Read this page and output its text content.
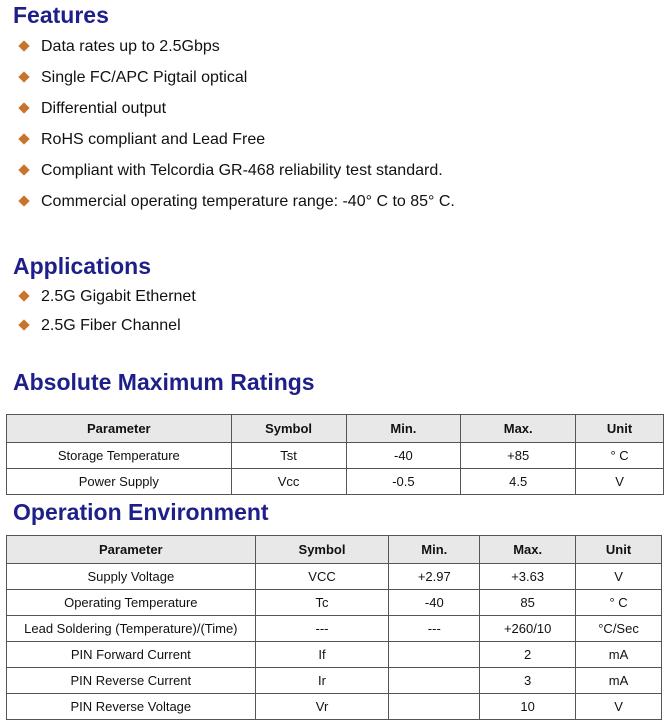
Features
Data rates up to 2.5Gbps
Single FC/APC Pigtail optical
Differential output
RoHS compliant and Lead Free
Compliant with Telcordia GR-468 reliability test standard.
Commercial operating temperature range: -40° C to 85° C.
Applications
2.5G Gigabit Ethernet
2.5G Fiber Channel
Absolute Maximum Ratings
Parameter	Symbol	Min.	Max.	Unit
Storage Temperature	Tst	-40	+85	° C
Power Supply	Vcc	-0.5	4.5	V
Operation Environment
Parameter	Symbol	Min.	Max.	Unit
Supply Voltage	VCC	+2.97	+3.63	V
Operating Temperature	Tc	-40	85	° C
Lead Soldering (Temperature)/(Time)	---	---	+260/10	°C/Sec
PIN Forward Current	If		2	mA
PIN Reverse Current	Ir		3	mA
PIN Reverse Voltage	Vr		10	V
